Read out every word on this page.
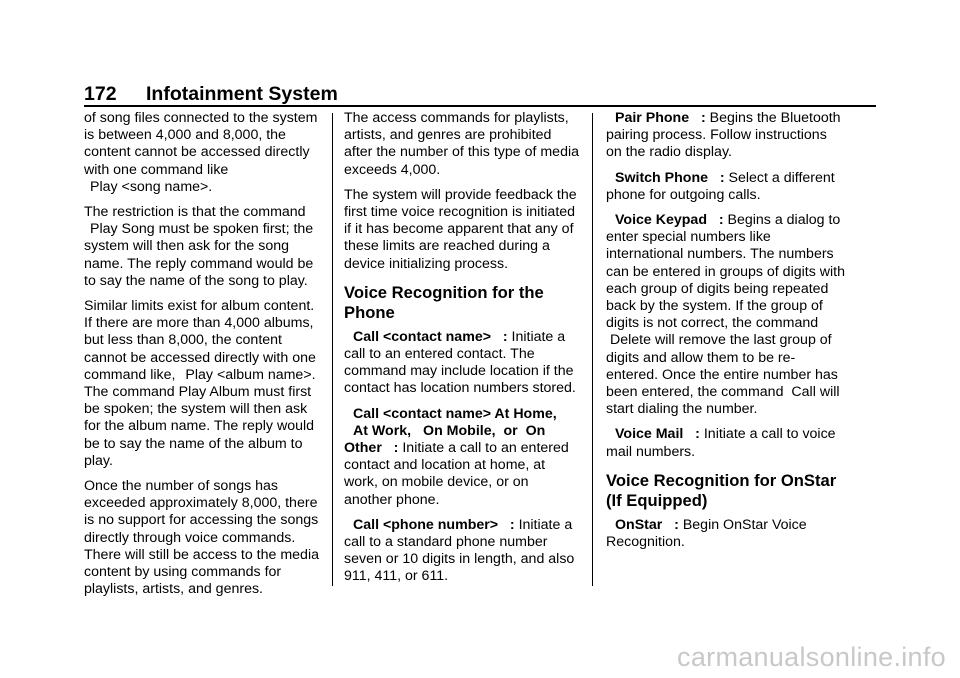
172 Infotainment System

of song files connected to the system is between 4,000 and 8,000, the content cannot be accessed directly with one command like Play <song name>.

The restriction is that the command Play Song must be spoken first; the system will then ask for the song name. The reply command would be to say the name of the song to play.

Similar limits exist for album content. If there are more than 4,000 albums, but less than 8,000, the content cannot be accessed directly with one command like, Play <album name>. The command Play Album must first be spoken; the system will then ask for the album name. The reply would be to say the name of the album to play.

Once the number of songs has exceeded approximately 8,000, there is no support for accessing the songs directly through voice commands. There will still be access to the media content by using commands for playlists, artists, and genres.

The access commands for playlists, artists, and genres are prohibited after the number of this type of media exceeds 4,000.

The system will provide feedback the first time voice recognition is initiated if it has become apparent that any of these limits are reached during a device initializing process.

Voice Recognition for the Phone

Call <contact name>   : Initiate a call to an entered contact. The command may include location if the contact has location numbers stored.

Call <contact name> At Home,
At Work, On Mobile, or On Other   : Initiate a call to an entered contact and location at home, at work, on mobile device, or on another phone.

Call <phone number>   : Initiate a call to a standard phone number seven or 10 digits in length, and also 911, 411, or 611.

Pair Phone   : Begins the Bluetooth pairing process. Follow instructions on the radio display.

Switch Phone   : Select a different phone for outgoing calls.

Voice Keypad   : Begins a dialog to enter special numbers like international numbers. The numbers can be entered in groups of digits with each group of digits being repeated back by the system. If the group of digits is not correct, the command Delete will remove the last group of digits and allow them to be re-entered. Once the entire number has been entered, the command Call will start dialing the number.

Voice Mail   : Initiate a call to voice mail numbers.

Voice Recognition for OnStar (If Equipped)

OnStar   : Begin OnStar Voice Recognition.

carmanualsonline.info
